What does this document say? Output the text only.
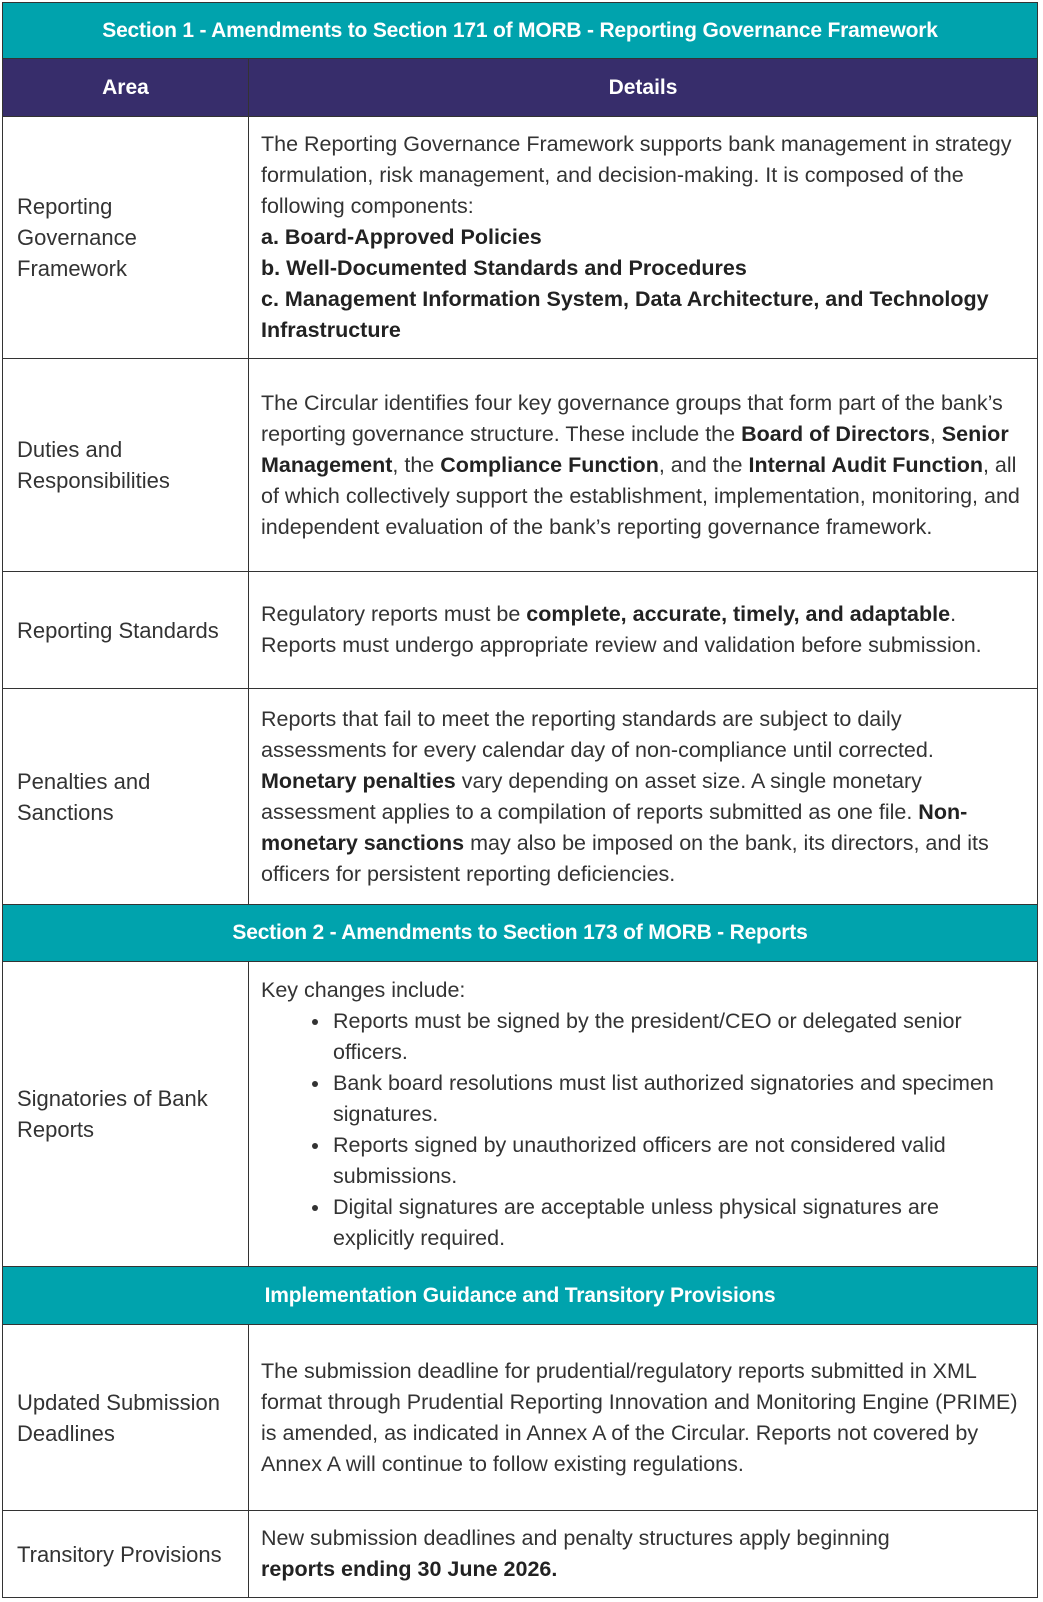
Section 1 - Amendments to Section 171 of MORB - Reporting Governance Framework	
Area	Details
Reporting Governance Framework	The Reporting Governance Framework supports bank management in strategy formulation, risk management, and decision-making. It is composed of the following components:
a. Board-Approved Policies
b. Well-Documented Standards and Procedures
c. Management Information System, Data Architecture, and Technology Infrastructure
Duties and Responsibilities	The Circular identifies four key governance groups that form part of the bank’s reporting governance structure. These include the Board of Directors, Senior Management, the Compliance Function, and the Internal Audit Function, all of which collectively support the establishment, implementation, monitoring, and independent evaluation of the bank’s reporting governance framework.
Reporting Standards	Regulatory reports must be complete, accurate, timely, and adaptable. Reports must undergo appropriate review and validation before submission.
Penalties and Sanctions	Reports that fail to meet the reporting standards are subject to daily assessments for every calendar day of non-compliance until corrected. Monetary penalties vary depending on asset size. A single monetary assessment applies to a compilation of reports submitted as one file. Non-monetary sanctions may also be imposed on the bank, its directors, and its officers for persistent reporting deficiencies.
Section 2 - Amendments to Section 173 of MORB - Reports	
Signatories of Bank Reports	Key changes include:
• Reports must be signed by the president/CEO or delegated senior officers.
• Bank board resolutions must list authorized signatories and specimen signatures.
• Reports signed by unauthorized officers are not considered valid submissions.
• Digital signatures are acceptable unless physical signatures are explicitly required.

Implementation Guidance and Transitory Provisions	
Updated Submission Deadlines	The submission deadline for prudential/regulatory reports submitted in XML format through Prudential Reporting Innovation and Monitoring Engine (PRIME) is amended, as indicated in Annex A of the Circular. Reports not covered by Annex A will continue to follow existing regulations.
Transitory Provisions	New submission deadlines and penalty structures apply beginning
reports ending 30 June 2026.
